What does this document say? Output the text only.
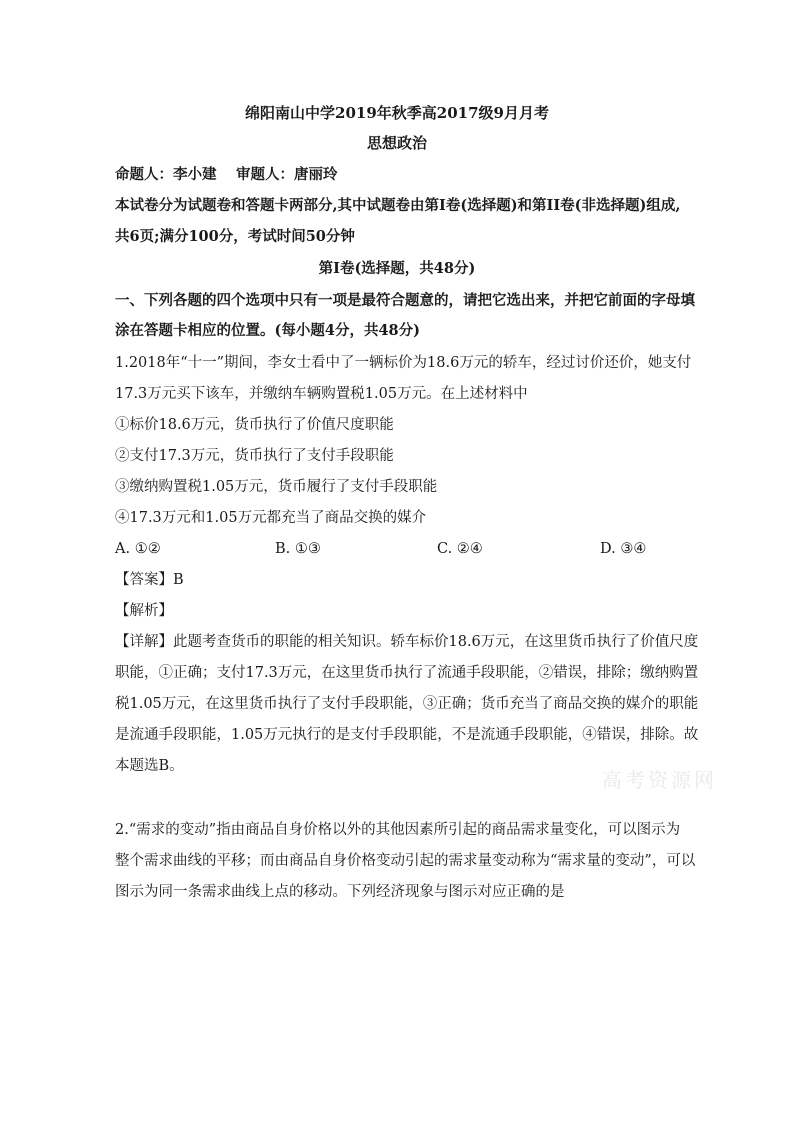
绵阳南山中学2019年秋季高2017级9月月考
思想政治
命题人：李小建　 审题人：唐丽玲
本试卷分为试题卷和答题卡两部分,其中试题卷由第I卷(选择题)和第II卷(非选择题)组成,
共6页;满分100分，考试时间50分钟
第I卷(选择题，共48分)
一、下列各题的四个选项中只有一项是最符合题意的，请把它选出来，并把它前面的字母填
涂在答题卡相应的位置。(每小题4分，共48分)
1.2018年“十一”期间，李女士看中了一辆标价为18.6万元的轿车，经过讨价还价，她支付
17.3万元买下该车，并缴纳车辆购置税1.05万元。在上述材料中
①标价18.6万元，货币执行了价值尺度职能
②支付17.3万元，货币执行了支付手段职能
③缴纳购置税1.05万元，货币履行了支付手段职能
④17.3万元和1.05万元都充当了商品交换的媒介
A. ①②	B. ①③	C. ②④	D. ③④
【答案】B
【解析】
【详解】此题考查货币的职能的相关知识。轿车标价18.6万元，在这里货币执行了价值尺度
职能，①正确；支付17.3万元，在这里货币执行了流通手段职能，②错误，排除；缴纳购置
税1.05万元，在这里货币执行了支付手段职能，③正确；货币充当了商品交换的媒介的职能
是流通手段职能，1.05万元执行的是支付手段职能，不是流通手段职能，④错误，排除。故
本题选B。
高考资源网
2.“需求的变动”指由商品自身价格以外的其他因素所引起的商品需求量变化，可以图示为
整个需求曲线的平移；而由商品自身价格变动引起的需求量变动称为“需求量的变动”，可以
图示为同一条需求曲线上点的移动。下列经济现象与图示对应正确的是
